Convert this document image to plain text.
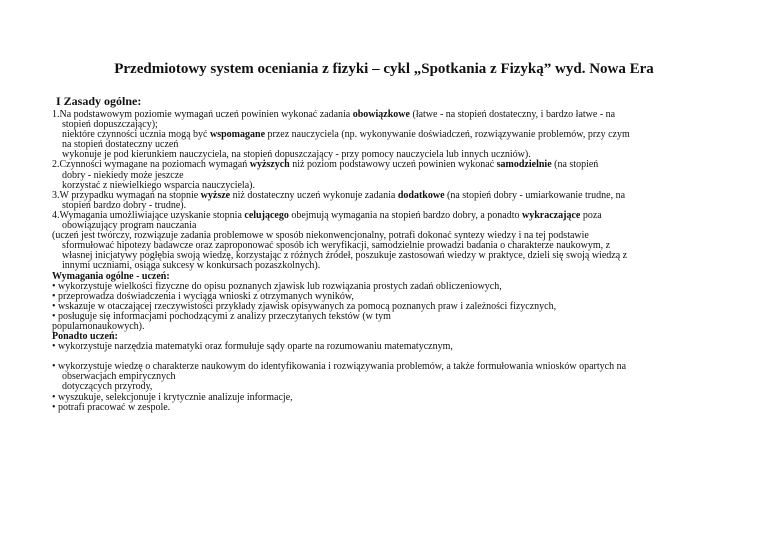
Przedmiotowy system oceniania z fizyki – cykl „Spotkania z Fizyką” wyd. Nowa Era
I Zasady ogólne:
1.Na podstawowym poziomie wymagań uczeń powinien wykonać zadania obowiązkowe (łatwe - na stopień dostateczny, i bardzo łatwe - na
stopień dopuszczający);
niektóre czynności ucznia mogą być wspomagane przez nauczyciela (np. wykonywanie doświadczeń, rozwiązywanie problemów, przy czym
na stopień dostateczny uczeń
wykonuje je pod kierunkiem nauczyciela, na stopień dopuszczający - przy pomocy nauczyciela lub innych uczniów).
2.Czynności wymagane na poziomach wymagań wyższych niż poziom podstawowy uczeń powinien wykonać samodzielnie (na stopień
dobry - niekiedy może jeszcze
korzystać z niewielkiego wsparcia nauczyciela).
3.W przypadku wymagań na stopnie wyższe niż dostateczny uczeń wykonuje zadania dodatkowe (na stopień dobry - umiarkowanie trudne, na
stopień bardzo dobry - trudne).
4.Wymagania umożliwiające uzyskanie stopnia celującego obejmują wymagania na stopień bardzo dobry, a ponadto wykraczające poza
obowiązujący program nauczania
(uczeń jest twórczy, rozwiązuje zadania problemowe w sposób niekonwencjonalny, potrafi dokonać syntezy wiedzy i na tej podstawie
sformułować hipotezy badawcze oraz zaproponować sposób ich weryfikacji, samodzielnie prowadzi badania o charakterze naukowym, z
własnej inicjatywy pogłębia swoją wiedzę, korzystając z różnych źródeł, poszukuje zastosowań wiedzy w praktyce, dzieli się swoją wiedzą z
innymi uczniami, osiąga sukcesy w konkursach pozaszkolnych).
Wymagania ogólne - uczeń:
• wykorzystuje wielkości fizyczne do opisu poznanych zjawisk lub rozwiązania prostych zadań obliczeniowych,
• przeprowadza doświadczenia i wyciąga wnioski z otrzymanych wyników,
• wskazuje w otaczającej rzeczywistości przykłady zjawisk opisywanych za pomocą poznanych praw i zależności fizycznych,
• posługuje się informacjami pochodzącymi z analizy przeczytanych tekstów (w tym
popularnonaukowych).
Ponadto uczeń:
• wykorzystuje narzędzia matematyki oraz formułuje sądy oparte na rozumowaniu matematycznym,
• wykorzystuje wiedzę o charakterze naukowym do identyfikowania i rozwiązywania problemów, a także formułowania wniosków opartych na
obserwacjach empirycznych
dotyczących przyrody,
• wyszukuje, selekcjonuje i krytycznie analizuje informacje,
• potrafi pracować w zespole.
